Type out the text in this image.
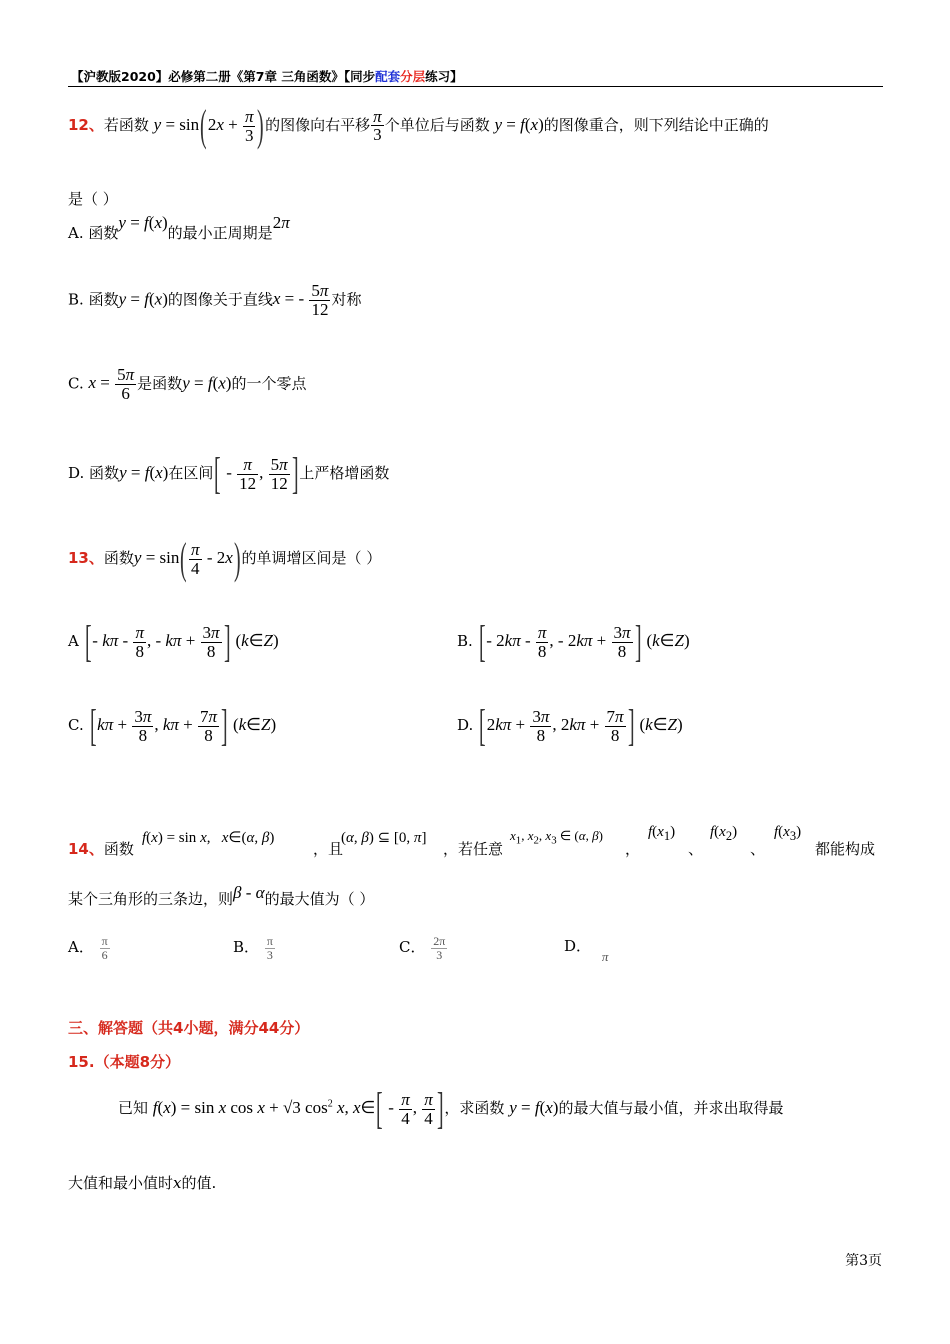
【沪教版2020】必修第二册《第7章 三角函数》【同步配套分层练习】
12、若函数 $y = \sin(2x + \frac{\pi}{3}$ )的图像向右平移 $\frac{\pi}{3}$ 个单位后与函数 y = f(x)的图像重合，则下列结论中正确的
是（ ）
A. 函数y = f(x)的最小正周期是2π
B. 函数y = f(x)的图像关于直线x = - $\frac{5\pi}{12}$ 对称
C. $x = \frac{5\pi}{6}$ 是函数y = f(x)的一个零点
D. 函数y = f(x)在区间[ - $\frac{\pi}{12}$ , $\frac{5\pi}{12}$ ]上严格增函数
13、函数$y = \sin( \frac{\pi}{4} - 2x)$的单调增区间是（ ）
A [- kπ - $\frac{\pi}{8}$ , - $k\pi + \frac{3\pi}{8}$ ] (k∈Z)	B. [- $2k\pi - \frac{\pi}{8}$ , - $2k\pi + \frac{3\pi}{8}$ ] (k∈Z)
C. [$k\pi + \frac{3\pi}{8}$ , $k\pi + \frac{7\pi}{8}$ ] (k∈Z)	D. [$2k\pi + \frac{3\pi}{8}$ , $2k\pi + \frac{7\pi}{8}$ ] (k∈Z)
14、函数
f(x) = sin x,   x∈(α, β)
，且
(α, β) ⊆ [0, π]
，若任意
$x_1$, $x_2$, $x_3$ ∈ (α, β)
，
$f(x_1)$
、
$f(x_2)$
、
$f(x_3)$
都能构成
某个三角形的三条边，则β - α的最大值为（ ）
A． $\frac{\pi}{6}$	B． $\frac{\pi}{3}$	C． $\frac{2\pi}{3}$	D． π
三、解答题（共4小题，满分44分）
15.（本题8分）
已知 f(x) = sin x cos x + √3 $\cos^2 x$, x∈[ - $\frac{\pi}{4}$ , $\frac{\pi}{4}$ ]，求函数 y = f(x)的最大值与最小值，并求出取得最
大值和最小值时x的值.
第3页
